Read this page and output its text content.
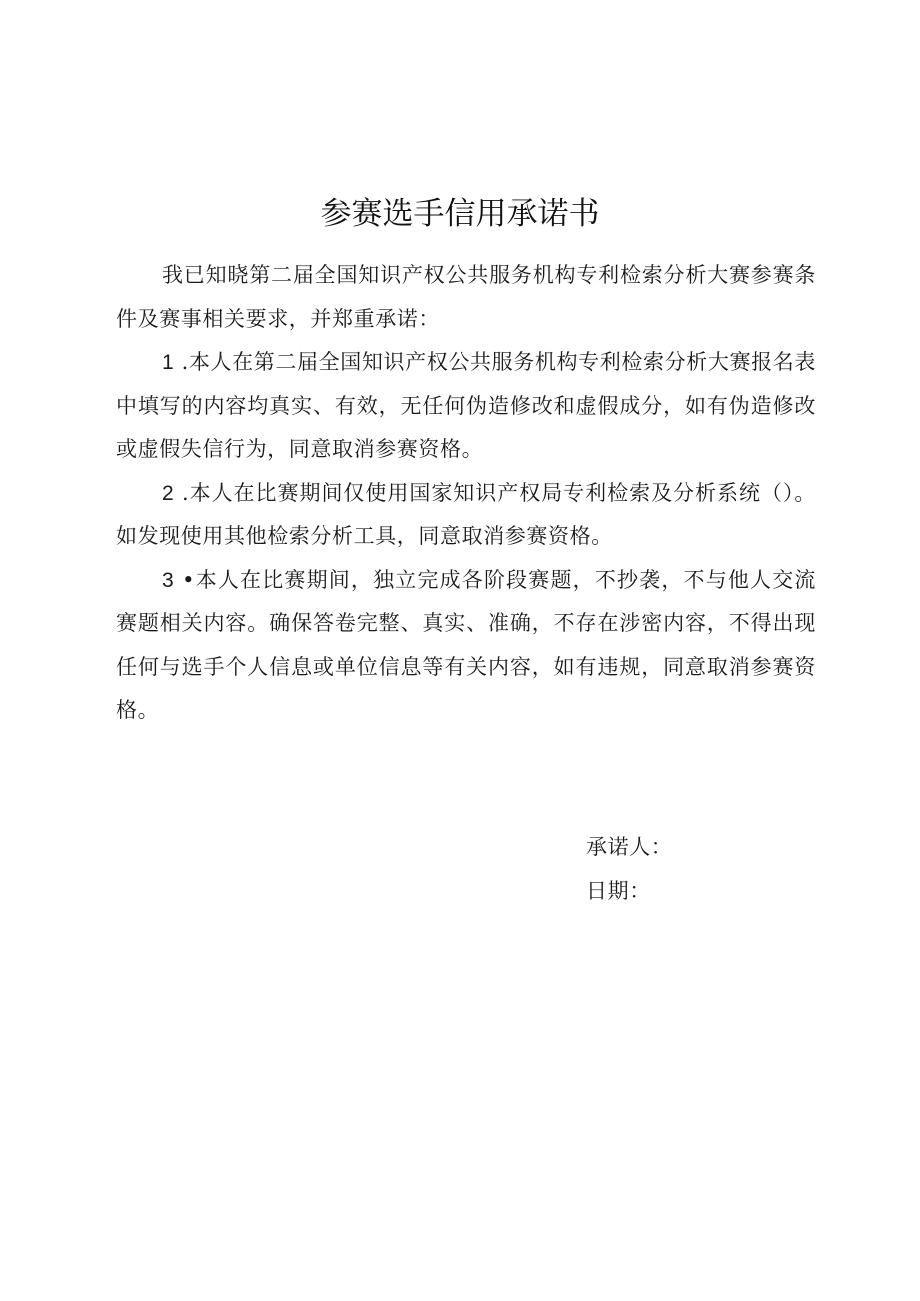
参赛选手信用承诺书

我已知晓第二届全国知识产权公共服务机构专利检索分析大赛参赛条件及赛事相关要求，并郑重承诺：

1 .本人在第二届全国知识产权公共服务机构专利检索分析大赛报名表中填写的内容均真实、有效，无任何伪造修改和虚假成分，如有伪造修改或虚假失信行为，同意取消参赛资格。

2 .本人在比赛期间仅使用国家知识产权局专利检索及分析系统（）。如发现使用其他检索分析工具，同意取消参赛资格。

3 •本人在比赛期间，独立完成各阶段赛题，不抄袭，不与他人交流赛题相关内容。确保答卷完整、真实、准确，不存在涉密内容，不得出现任何与选手个人信息或单位信息等有关内容，如有违规，同意取消参赛资格。

承诺人：
日期：
